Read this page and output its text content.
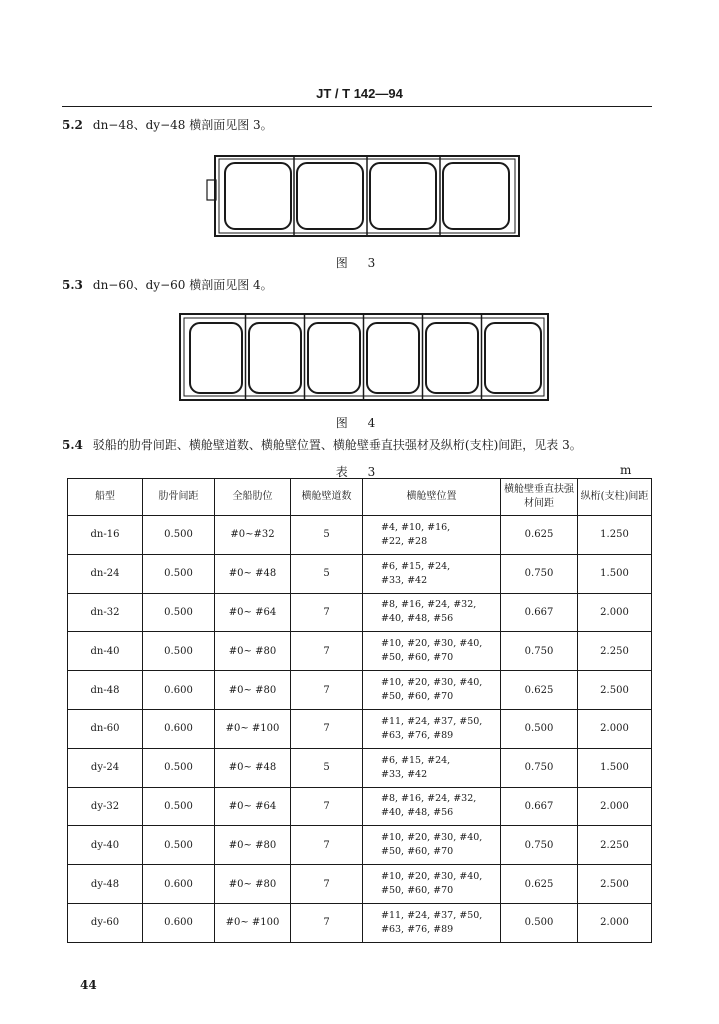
JT / T 142—94
5.2 dn−48、dy−48 横剖面见图 3。
图 3
5.3 dn−60、dy−60 横剖面见图 4。
图 4
5.4 驳船的肋骨间距、横舱壁道数、横舱壁位置、横舱壁垂直扶强材及纵桁(支柱)间距，见表 3。
表 3	m
船型	肋骨间距	全船肋位	横舱壁道数	横舱壁位置	横舱壁垂直扶强材间距	纵桁(支柱)间距
dn-16	0.500	#0~#32	5	#4, #10, #16,
#22, #28	0.625	1.250
dn-24	0.500	#0~ #48	5	#6, #15, #24,
#33, #42	0.750	1.500
dn-32	0.500	#0~ #64	7	#8, #16, #24, #32,
#40, #48, #56	0.667	2.000
dn-40	0.500	#0~ #80	7	#10, #20, #30, #40,
#50, #60, #70	0.750	2.250
dn-48	0.600	#0~ #80	7	#10, #20, #30, #40,
#50, #60, #70	0.625	2.500
dn-60	0.600	#0~ #100	7	#11, #24, #37, #50,
#63, #76, #89	0.500	2.000
dy-24	0.500	#0~ #48	5	#6, #15, #24,
#33, #42	0.750	1.500
dy-32	0.500	#0~ #64	7	#8, #16, #24, #32,
#40, #48, #56	0.667	2.000
dy-40	0.500	#0~ #80	7	#10, #20, #30, #40,
#50, #60, #70	0.750	2.250
dy-48	0.600	#0~ #80	7	#10, #20, #30, #40,
#50, #60, #70	0.625	2.500
dy-60	0.600	#0~ #100	7	#11, #24, #37, #50,
#63, #76, #89	0.500	2.000
44
